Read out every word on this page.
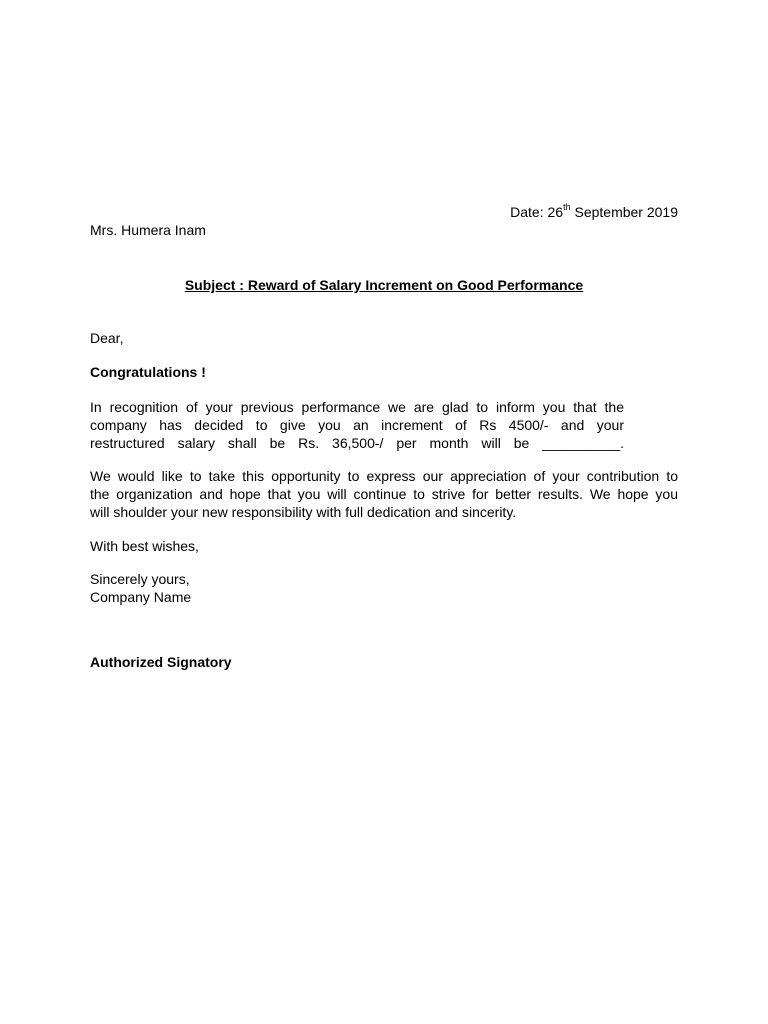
Date: 26th September 2019
Mrs. Humera Inam
Subject : Reward of Salary Increment on Good Performance
Dear,
Congratulations !
In recognition of your previous performance we are glad to inform you that the
company has decided to give you an increment of Rs 4500/- and your
restructured salary shall be Rs. 36,500-/ per month will be __________.
We would like to take this opportunity to express our appreciation of your contribution to
the organization and hope that you will continue to strive for better results. We hope you
will shoulder your new responsibility with full dedication and sincerity.
With best wishes,
Sincerely yours,
Company Name
Authorized Signatory
